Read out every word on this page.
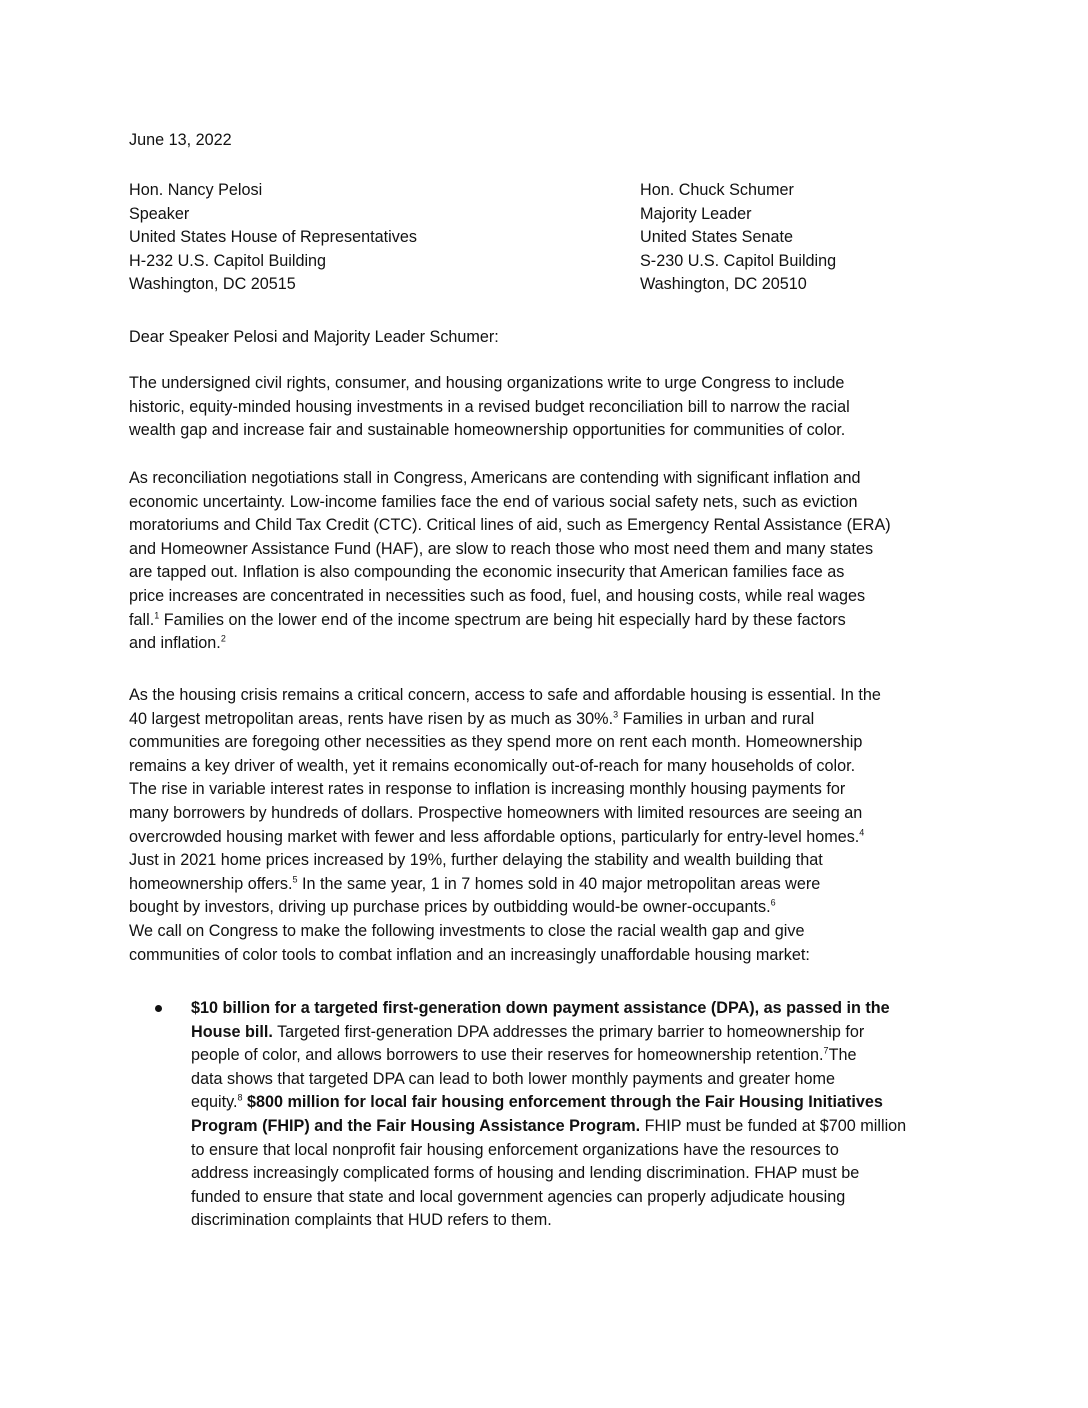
June 13, 2022
Hon. Nancy Pelosi
Speaker
United States House of Representatives
H-232 U.S. Capitol Building
Washington, DC 20515
Hon. Chuck Schumer
Majority Leader
United States Senate
S-230 U.S. Capitol Building
Washington, DC 20510
Dear Speaker Pelosi and Majority Leader Schumer:
The undersigned civil rights, consumer, and housing organizations write to urge Congress to include
historic, equity-minded housing investments in a revised budget reconciliation bill to narrow the racial
wealth gap and increase fair and sustainable homeownership opportunities for communities of color.
As reconciliation negotiations stall in Congress, Americans are contending with significant inflation and
economic uncertainty. Low-income families face the end of various social safety nets, such as eviction
moratoriums and Child Tax Credit (CTC). Critical lines of aid, such as Emergency Rental Assistance (ERA)
and Homeowner Assistance Fund (HAF), are slow to reach those who most need them and many states
are tapped out. Inflation is also compounding the economic insecurity that American families face as
price increases are concentrated in necessities such as food, fuel, and housing costs, while real wages
fall.$^1$ Families on the lower end of the income spectrum are being hit especially hard by these factors
and inflation.$^2$
As the housing crisis remains a critical concern, access to safe and affordable housing is essential. In the
40 largest metropolitan areas, rents have risen by as much as 30%.$^3$ Families in urban and rural
communities are foregoing other necessities as they spend more on rent each month. Homeownership
remains a key driver of wealth, yet it remains economically out-of-reach for many households of color.
The rise in variable interest rates in response to inflation is increasing monthly housing payments for
many borrowers by hundreds of dollars. Prospective homeowners with limited resources are seeing an
overcrowded housing market with fewer and less affordable options, particularly for entry-level homes.$^4$
Just in 2021 home prices increased by 19%, further delaying the stability and wealth building that
homeownership offers.$^5$ In the same year, 1 in 7 homes sold in 40 major metropolitan areas were
bought by investors, driving up purchase prices by outbidding would-be owner-occupants.$^6$
We call on Congress to make the following investments to close the racial wealth gap and give
communities of color tools to combat inflation and an increasingly unaffordable housing market:
$10 billion for a targeted first-generation down payment assistance (DPA), as passed in the
House bill. Targeted first-generation DPA addresses the primary barrier to homeownership for
people of color, and allows borrowers to use their reserves for homeownership retention.$^7$The
data shows that targeted DPA can lead to both lower monthly payments and greater home
equity.$^8$ $800 million for local fair housing enforcement through the Fair Housing Initiatives
Program (FHIP) and the Fair Housing Assistance Program. FHIP must be funded at $700 million
to ensure that local nonprofit fair housing enforcement organizations have the resources to
address increasingly complicated forms of housing and lending discrimination. FHAP must be
funded to ensure that state and local government agencies can properly adjudicate housing
discrimination complaints that HUD refers to them.
